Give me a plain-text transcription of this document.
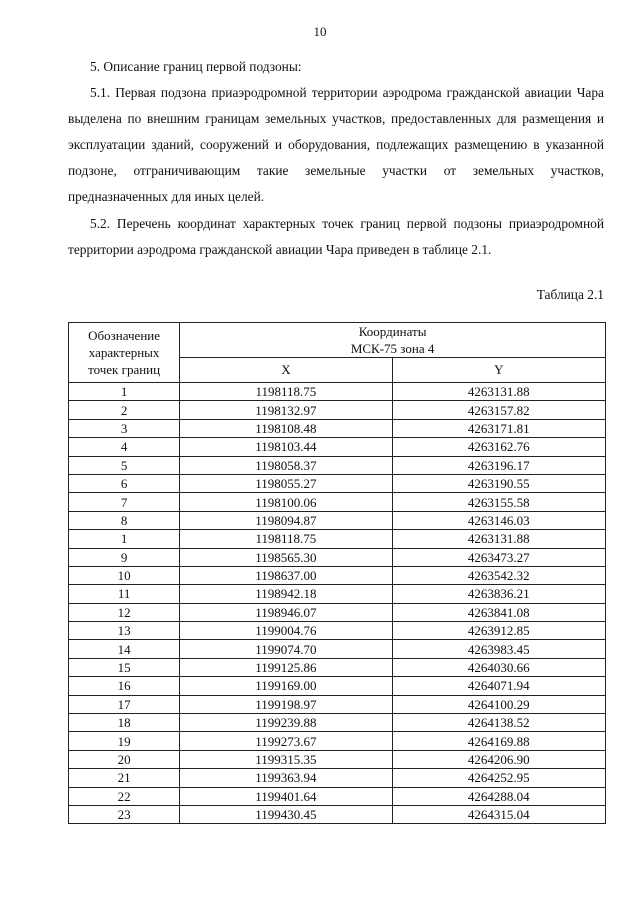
10
5. Описание границ первой подзоны:
5.1. Первая подзона приаэродромной территории аэродрома гражданской авиации Чара выделена по внешним границам земельных участков, предоставленных для размещения и эксплуатации зданий, сооружений и оборудования, подлежащих размещению в указанной подзоне, отграничивающим такие земельные участки от земельных участков, предназначенных для иных целей.
5.2. Перечень координат характерных точек границ первой подзоны приаэродромной территории аэродрома гражданской авиации Чара приведен в таблице 2.1.
Таблица 2.1
Обозначение
характерных
точек границ	Координаты
МСК-75 зона 4	

	X	Y
1	1198118.75	4263131.88
2	1198132.97	4263157.82
3	1198108.48	4263171.81
4	1198103.44	4263162.76
5	1198058.37	4263196.17
6	1198055.27	4263190.55
7	1198100.06	4263155.58
8	1198094.87	4263146.03
1	1198118.75	4263131.88
9	1198565.30	4263473.27
10	1198637.00	4263542.32
11	1198942.18	4263836.21
12	1198946.07	4263841.08
13	1199004.76	4263912.85
14	1199074.70	4263983.45
15	1199125.86	4264030.66
16	1199169.00	4264071.94
17	1199198.97	4264100.29
18	1199239.88	4264138.52
19	1199273.67	4264169.88
20	1199315.35	4264206.90
21	1199363.94	4264252.95
22	1199401.64	4264288.04
23	1199430.45	4264315.04
